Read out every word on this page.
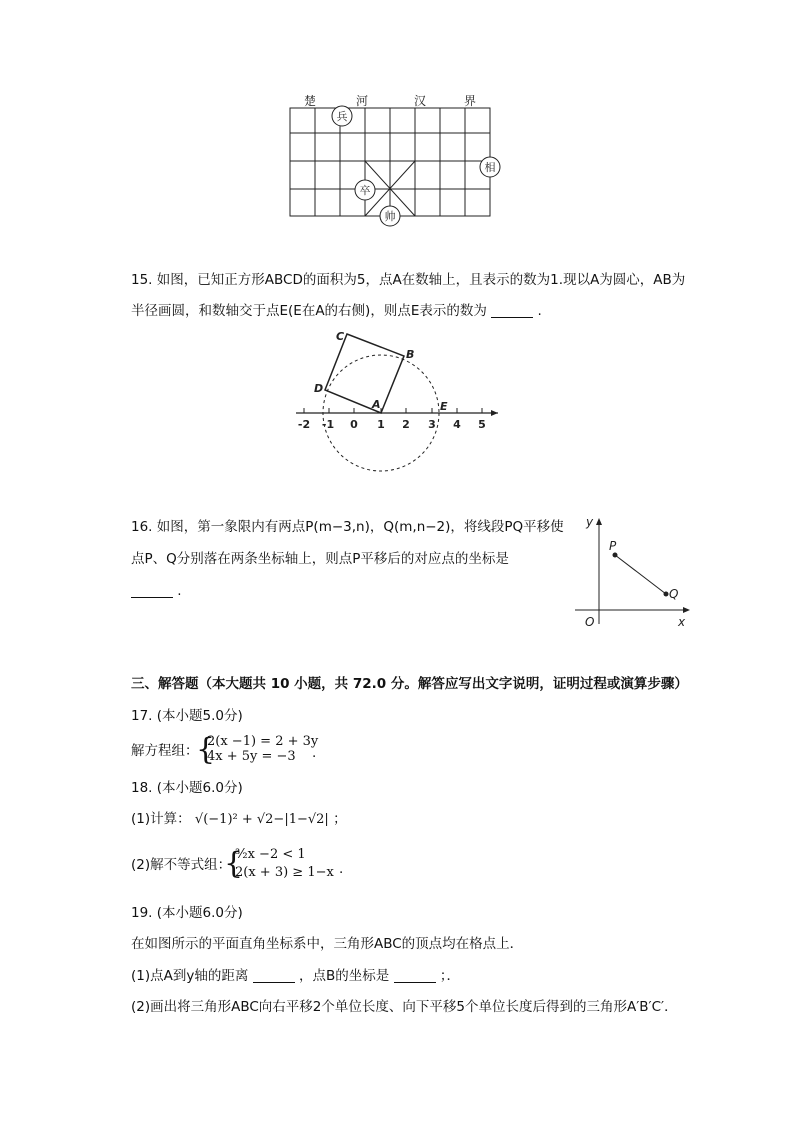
楚	河	汉	界
兵
相
卒
帅
15. 如图，已知正方形ABCD的面积为5，点A在数轴上，且表示的数为1.现以A为圆心，AB为
半径画圆，和数轴交于点E(E在A的右侧)，则点E表示的数为	.
-2 -1 0 1 2 3 4 5
A
B
C
D
E
16. 如图，第一象限内有两点P(m−3,n)，Q(m,n−2)，将线段PQ平移使
点P、Q分别落在两条坐标轴上，则点P平移后的对应点的坐标是
.
y
x
O
P
Q
三、解答题（本大题共 10 小题，共 72.0 分。解答应写出文字说明，证明过程或演算步骤）
17. (本小题5.0分)
解方程组：
{
2(x −1) = 2 + 3y
4x + 5y = −3 .
18. (本小题6.0分)
(1)计算： √(−1)² + √2−|1−√2| ；
(2)解不等式组：
{
³⁄₂x −2 < 1
2(x + 3) ≥ 1−x .
19. (本小题6.0分)
在如图所示的平面直角坐标系中，三角形ABC的顶点均在格点上．
(1)点A到y轴的距离	，点B的坐标是	；．
(2)画出将三角形ABC向右平移2个单位长度、向下平移5个单位长度后得到的三角形A′B′C′．
